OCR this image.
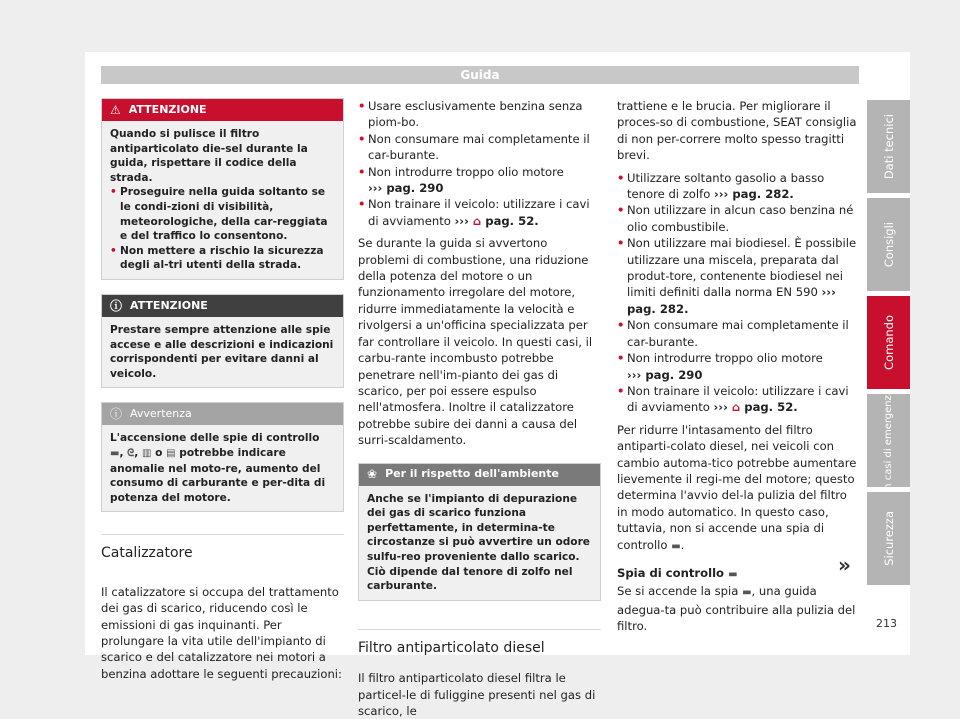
Guida
⚠ ATTENZIONE

Quando si pulisce il filtro antiparticolato die-sel durante la guida, rispettare il codice della strada.

• Proseguire nella guida soltanto se le condi-zioni di visibilità, meteorologiche, della car-reggiata e del traffico lo consentono.

• Non mettere a rischio la sicurezza degli al-tri utenti della strada.

ⓘ ATTENZIONE

Prestare sempre attenzione alle spie accese e alle descrizioni e indicazioni corrispondenti per evitare danni al veicolo.

ⓘ Avvertenza

L'accensione delle spie di controllo ▬, ᘓ, ▥ o ▤ potrebbe indicare anomalie nel moto-re, aumento del consumo di carburante e per-dita di potenza del motore.

Catalizzatore

Il catalizzatore si occupa del trattamento dei gas di scarico, riducendo così le emissioni di gas inquinanti. Per prolungare la vita utile dell'impianto di scarico e del catalizzatore nei motori a benzina adottare le seguenti precauzioni:

• Usare esclusivamente benzina senza piom-bo.

• Non consumare mai completamente il car-burante.

• Non introdurre troppo olio motore
››› pag. 290

• Non trainare il veicolo: utilizzare i cavi di avviamento ››› ⌂ pag. 52.

Se durante la guida si avvertono problemi di combustione, una riduzione della potenza del motore o un funzionamento irregolare del motore, ridurre immediatamente la velocità e rivolgersi a un'officina specializzata per far controllare il veicolo. In questi casi, il carbu-rante incombusto potrebbe penetrare nell'im-pianto dei gas di scarico, per poi essere espulso nell'atmosfera. Inoltre il catalizzatore potrebbe subire dei danni a causa del surri-scaldamento.

❀ Per il rispetto dell'ambiente

Anche se l'impianto di depurazione dei gas di scarico funziona perfettamente, in determina-te circostanze si può avvertire un odore sulfu-reo proveniente dallo scarico. Ciò dipende dal tenore di zolfo nel carburante.

Filtro antiparticolato diesel

Il filtro antiparticolato diesel filtra le particel-le di fuliggine presenti nel gas di scarico, le

trattiene e le brucia. Per migliorare il proces-so di combustione, SEAT consiglia di non per-correre molto spesso tragitti brevi.

• Utilizzare soltanto gasolio a basso tenore di zolfo ››› pag. 282.

• Non utilizzare in alcun caso benzina né olio combustibile.

• Non utilizzare mai biodiesel. È possibile utilizzare una miscela, preparata dal produt-tore, contenente biodiesel nei limiti definiti dalla norma EN 590 ››› pag. 282.

• Non consumare mai completamente il car-burante.

• Non introdurre troppo olio motore
››› pag. 290

• Non trainare il veicolo: utilizzare i cavi di avviamento ››› ⌂ pag. 52.

Per ridurre l'intasamento del filtro antiparti-colato diesel, nei veicoli con cambio automa-tico potrebbe aumentare lievemente il regi-me del motore; questo determina l'avvio del-la pulizia del filtro in modo automatico. In questo caso, tuttavia, non si accende una spia di controllo ▬.

Spia di controllo ▬

Se si accende la spia ▬, una guida adegua-ta può contribuire alla pulizia del filtro.

»
Dati tecnici
Consigli
Comando
In casi di emergenza
Sicurezza
213
